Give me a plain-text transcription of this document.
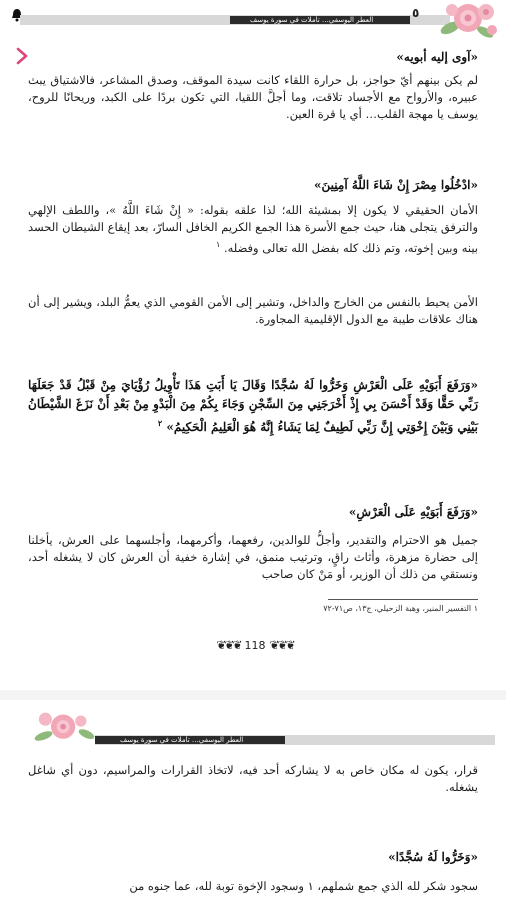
العطر اليوسفي… تأملات في سورة يوسف	٥
«آوى إليه أبويه»
لم يكن بينهم أيّ حواجز، بل حرارة اللقاء كانت سيدة الموقف، وصدق المشاعر، فالاشتياق يبث عبيره، والأرواح مع الأجساد تلاقت، وما أجلَّ اللقيا، التي تكون بردًا على الكبد، وريحانًا للروح، يوسف يا مهجة القلب… أي يا قرة العين.
«ادْخُلُوا مِصْرَ إِنْ شَاءَ اللَّهُ آمِنِينَ»
الأمان الحقيقي لا يكون إلا بمشيئة الله؛ لذا علقه بقوله: « إِنْ شَاءَ اللَّهُ »، واللطف الإلهي والترفق يتجلى هنا، حيث جمع الأسرة هذا الجمع الكريم الخافل السارّ، بعد إيقاع الشيطان الحسد بينه وبين إخوته، وتم ذلك كله بفضل الله تعالى وفضله. $^١$
الأمن يحيط بالنفس من الخارج والداخل، وتشير إلى الأمن القومي الذي يعمُّ البلد، ويشير إلى أن هناك علاقات طيبة مع الدول الإقليمية المجاورة.
«وَرَفَعَ أَبَوَيْهِ عَلَى الْعَرْشِ وَخَرُّوا لَهُ سُجَّدًا وَقَالَ يَا أَبَتِ هَذَا تَأْوِيلُ رُؤْيَايَ مِنْ قَبْلُ قَدْ جَعَلَهَا رَبِّي حَقًّا وَقَدْ أَحْسَنَ بِي إِذْ أَخْرَجَنِي مِنَ السِّجْنِ وَجَاءَ بِكُمْ مِنَ الْبَدْوِ مِنْ بَعْدِ أَنْ نَزَغَ الشَّيْطَانُ بَيْنِي وَبَيْنَ إِخْوَتِي إِنَّ رَبِّي لَطِيفٌ لِمَا يَشَاءُ إِنَّهُ هُوَ الْعَلِيمُ الْحَكِيمُ» $^٢$
«وَرَفَعَ أَبَوَيْهِ عَلَى الْعَرْشِ»
جميل هو الاحترام والتقدير، وأجلُّ للوالدين، رفعهما، وأكرمهما، وأجلسهما على العرش، يأخلنا إلى حضارة مزهرة، وأثاث راقٍ، وترتيب منمق، في إشارة خفية أن العرش كان لا يشغله أحد، ونستقي من ذلك أن الوزير، أو مَنْ كان صاحب
١ التفسير المنير، وهبة الزحيلي، ج١٣، ص٧١-٧٢
❦❦❦ 118 ❦❦❦
العطر اليوسفي… تأملات في سورة يوسف
قرار، يكون له مكان خاص به لا يشاركه أحد فيه، لاتخاذ القرارات والمراسيم، دون أي شاغل يشغله.
«وَخَرُّوا لَهُ سُجَّدًا»
سجود شكر لله الذي جمع شملهم، ١ وسجود الإخوة توبة لله، عما جنوه من
